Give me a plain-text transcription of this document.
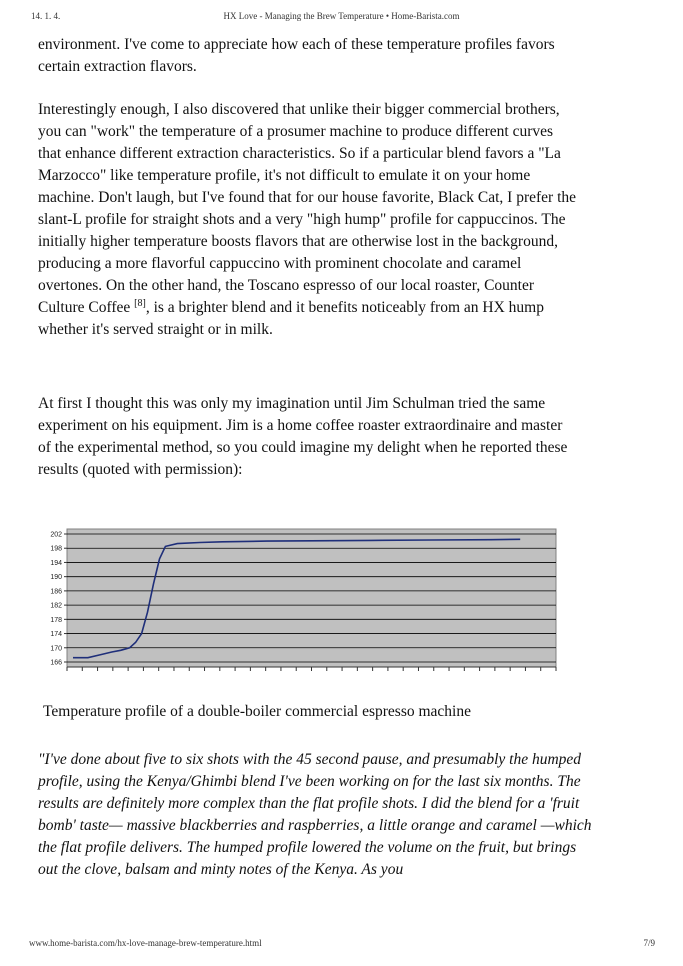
14. 1. 4.	HX Love - Managing the Brew Temperature • Home-Barista.com

environment. I've come to appreciate how each of these temperature profiles favors certain extraction flavors.

Interestingly enough, I also discovered that unlike their bigger commercial brothers, you can "work" the temperature of a prosumer machine to produce different curves that enhance different extraction characteristics. So if a particular blend favors a "La Marzocco" like temperature profile, it's not difficult to emulate it on your home machine. Don't laugh, but I've found that for our house favorite, Black Cat, I prefer the slant-L profile for straight shots and a very "high hump" profile for cappuccinos. The initially higher temperature boosts flavors that are otherwise lost in the background, producing a more flavorful cappuccino with prominent chocolate and caramel overtones. On the other hand, the Toscano espresso of our local roaster, Counter Culture Coffee [8], is a brighter blend and it benefits noticeably from an HX hump whether it's served straight or in milk.

At first I thought this was only my imagination until Jim Schulman tried the same experiment on his equipment. Jim is a home coffee roaster extraordinaire and master of the experimental method, so you could imagine my delight when he reported these results (quoted with permission):

166
170
174
178
182
186
190
194
198
202
Temperature profile of a double-boiler commercial espresso machine

"I've done about five to six shots with the 45 second pause, and presumably the humped profile, using the Kenya/Ghimbi blend I've been working on for the last six months. The results are definitely more complex than the flat profile shots. I did the blend for a 'fruit bomb' taste— massive blackberries and raspberries, a little orange and caramel —which the flat profile delivers. The humped profile lowered the volume on the fruit, but brings out the clove, balsam and minty notes of the Kenya. As you

www.home-barista.com/hx-love-manage-brew-temperature.html	7/9
